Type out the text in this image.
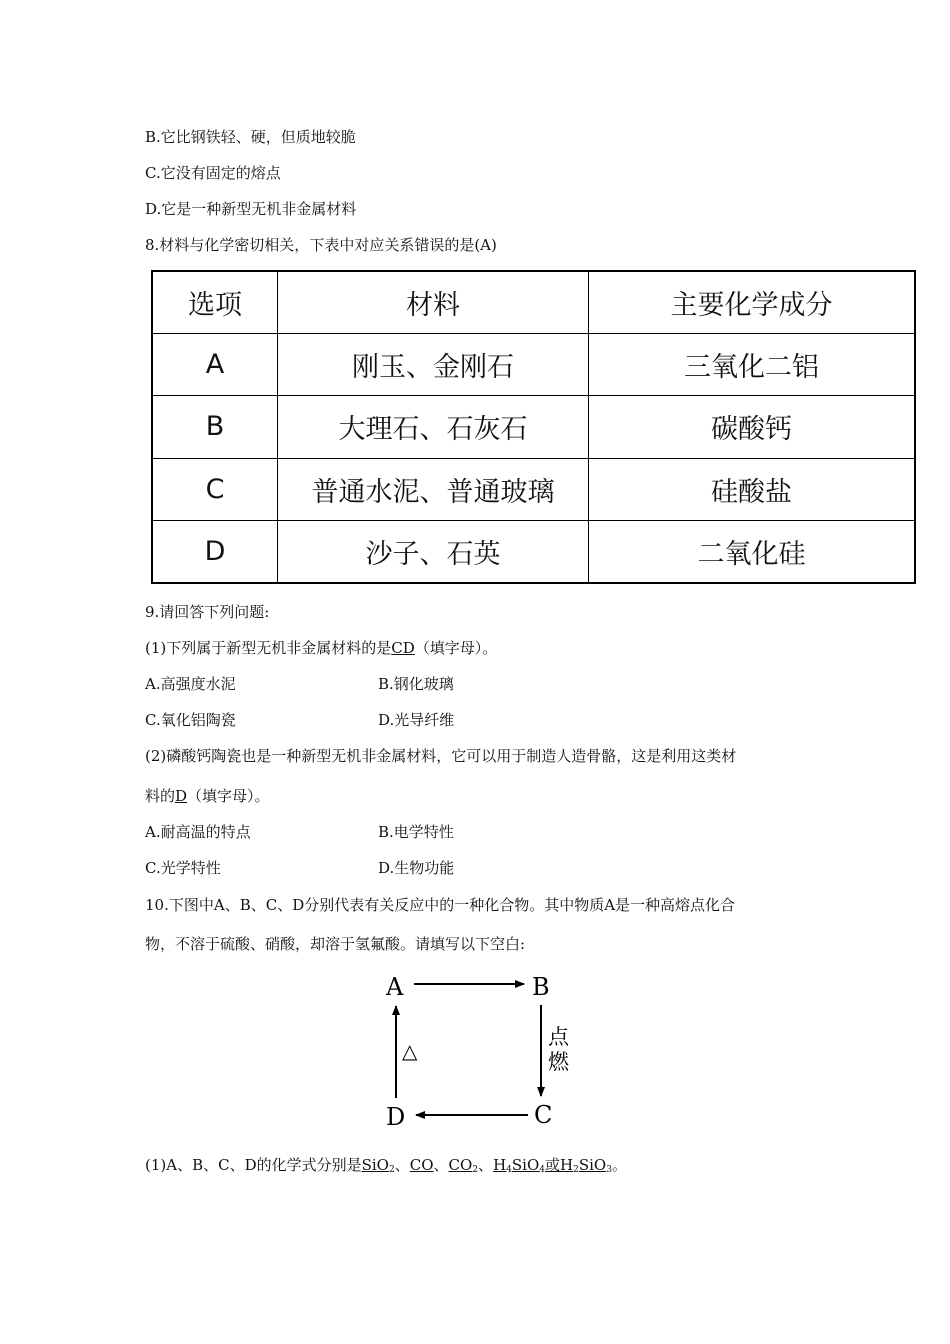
B.它比钢铁轻、硬，但质地较脆
C.它没有固定的熔点
D.它是一种新型无机非金属材料
8.材料与化学密切相关，下表中对应关系错误的是(A)
选项	材料	主要化学成分
A	刚玉、金刚石	三氧化二铝
B	大理石、石灰石	碳酸钙
C	普通水泥、普通玻璃	硅酸盐
D	沙子、石英	二氧化硅
9.请回答下列问题:
(1)下列属于新型无机非金属材料的是CD（填字母）。
A.高强度水泥	B.钢化玻璃
C.氧化铝陶瓷	D.光导纤维
(2)磷酸钙陶瓷也是一种新型无机非金属材料，它可以用于制造人造骨骼，这是利用这类材
料的D（填字母）。
A.耐高温的特点	B.电学特性
C.光学特性	D.生物功能
10.下图中A、B、C、D分别代表有关反应中的一种化合物。其中物质A是一种高熔点化合
物，不溶于硫酸、硝酸，却溶于氢氟酸。请填写以下空白:
A	B
C
D
点
燃
△
(1)A、B、C、D的化学式分别是SiO$_2$、CO、$CO_2$、$H_4SiO_4$或$H_2SiO_3$。
